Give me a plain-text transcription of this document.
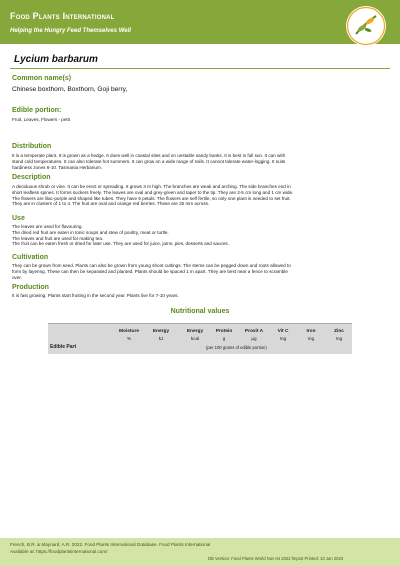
Food Plants International
Helping the Hungry Feed Themselves Well
Lycium barbarum
Common name(s)
Chinese boxthorn, Boxthorn, Goji berry,
Edible portion:
Fruit, Leaves, Flowers - petit
Distribution
It is a temperate plant. It is grown as a hedge. It does well in coastal sites and on unstable sandy banks. It is best in full sun. It can with
stand cold temperatures. It can also tolerate hot summers. It can grow on a wide range of soils. It cannot tolerate water-logging. It suits
hardiness zones 6-10. Tasmania Herbarium.
Description
A deciduous shrub or vine. It can be erect or spreading. It grows 3 m high. The branches are weak and arching. The side branches end in
short leafless spines. It forms suckers freely. The leaves are oval and grey-green and taper to the tip. They are 2-5 cm long and 1 cm wide.
The flowers are lilac-purple and shaped like tubes. They have 5 petals. The flowers are self fertile, so only one plant is needed to set fruit.
They are in clusters of 1 to 4. The fruit are oval and orange red berries. These are 25 mm across.
Use
The leaves are used for flavouring.
The dried red fruit are eaten in tonic soups and stew of poultry, meat or turtle.
The leaves and fruit are used for making tea.
The fruit can be eaten fresh or dried for later use. They are used for juice, jams, pies, desserts and sauces.
Cultivation
They can be grown from seed. Plants can also be grown from young shoot cuttings. The stems can be pegged down and roots allowed to
form by layering. These can then be separated and planted. Plants should be spaced 1 m apart. They are best near a fence to scramble
over.
Production
It is fast growing. Plants start fruiting in the second year. Plants live for 7-10 years.
Nutritional values
Moisture
%
Energy
kJ
Energy
kcal
Protein
g
Provit A
µg
Vit C
mg
Iron
mg
Zinc
mg
Edible Part	(per 100 grams of edible portion)
French, B.R. & Maynard, A.R. 2022. Food Plants International Database. Food Plants International
Available at: https://foodplantsinternational.com/
DB Version: Food Plants World Nov 04 2022 fmp16 Printed: 10 Jan 2023
